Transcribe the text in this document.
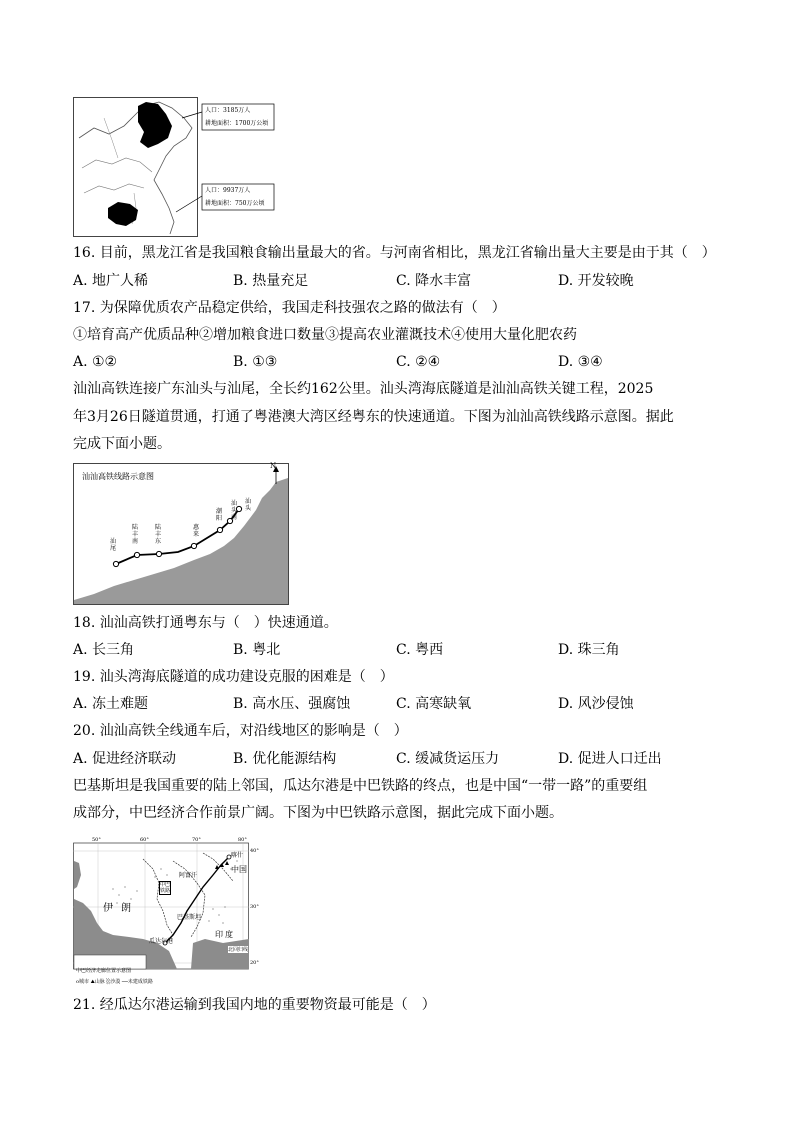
人口：3185万人
耕地面积：1700万公顷
人口：9937万人
耕地面积：750万公顷
16. 目前，黑龙江省是我国粮食输出量最大的省。与河南省相比，黑龙江省输出量大主要是由于其（　）
A. 地广人稀	B. 热量充足	C. 降水丰富	D. 开发较晚
17. 为保障优质农产品稳定供给，我国走科技强农之路的做法有（　）
①培育高产优质品种②增加粮食进口数量③提高农业灌溉技术④使用大量化肥农药
A. ①②	B. ①③	C. ②④	D. ③④
汕汕高铁连接广东汕头与汕尾，全长约162公里。汕头湾海底隧道是汕汕高铁关键工程，2025
年3月26日隧道贯通，打通了粤港澳大湾区经粤东的快速通道。下图为汕汕高铁线路示意图。据此
完成下面小题。
汕汕高铁线路示意图
N
汕尾
陆丰南
陆丰东
惠来
潮阳
汕头南
汕头
18. 汕汕高铁打通粤东与（　）快速通道。
A. 长三角	B. 粤北	C. 粤西	D. 珠三角
19. 汕头湾海底隧道的成功建设克服的困难是（　）
A. 冻土难题	B. 高水压、强腐蚀	C. 高寒缺氧	D. 风沙侵蚀
20. 汕汕高铁全线通车后，对沿线地区的影响是（　）
A. 促进经济联动	B. 优化能源结构	C. 缓减货运压力	D. 促进人口迁出
巴基斯坦是我国重要的陆上邻国，瓜达尔港是中巴铁路的终点，也是中国“一带一路”的重要组
成部分，中巴经济合作前景广阔。下图为中巴铁路示意图，据此完成下面小题。
50°	60°	70°	80°
40°
30°
20°
喀什
中国
阿富汗
中巴铁路
伊朗
巴基斯坦
瓜达尔港
印度
北回归线
中巴经济走廊位置示意图
o城市 ⛰山脉 ░沙漠 ──未建成铁路
21. 经瓜达尔港运输到我国内地的重要物资最可能是（　）
